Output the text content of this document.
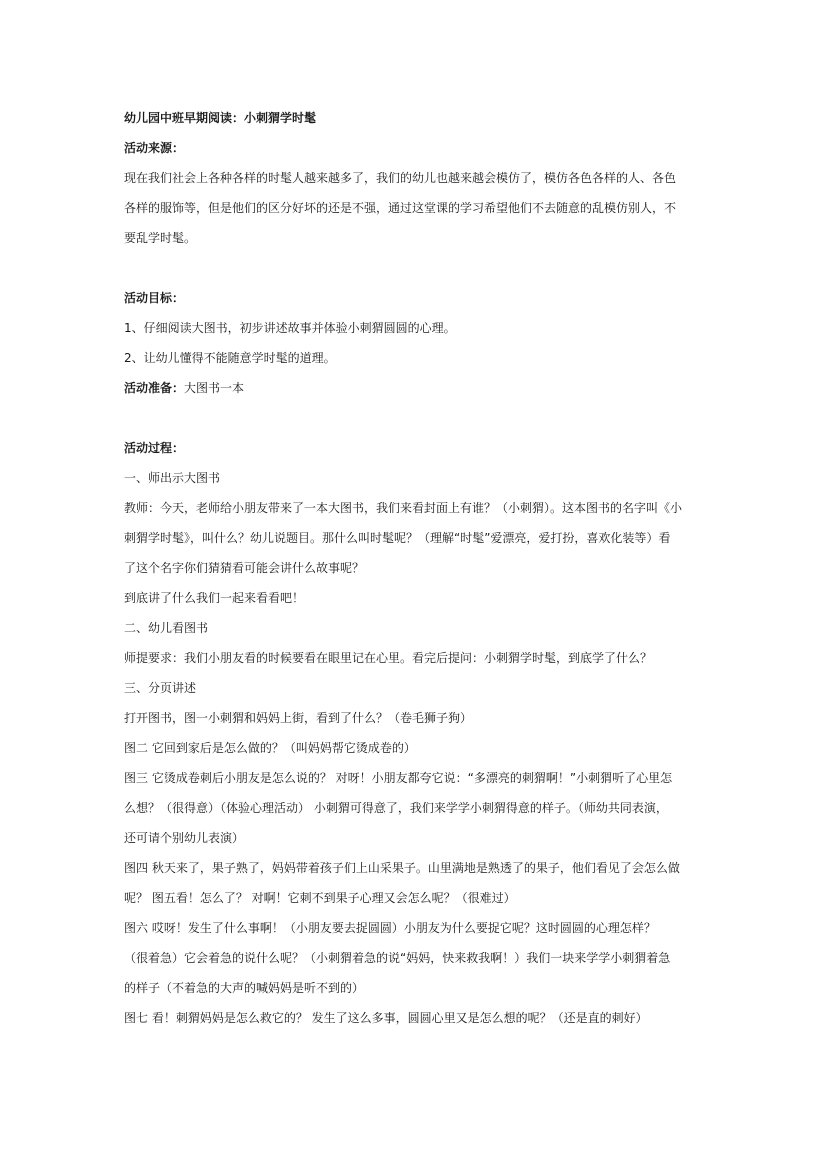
幼儿园中班早期阅读：小刺猬学时髦

活动来源：

现在我们社会上各种各样的时髦人越来越多了，我们的幼儿也越来越会模仿了，模仿各色各样的人、各色

各样的服饰等，但是他们的区分好坏的还是不强，通过这堂课的学习希望他们不去随意的乱模仿别人，不

要乱学时髦。

活动目标：

1、仔细阅读大图书，初步讲述故事并体验小刺猬圆圆的心理。

2、让幼儿懂得不能随意学时髦的道理。

活动准备：大图书一本

活动过程：

一、师出示大图书

教师：今天，老师给小朋友带来了一本大图书，我们来看封面上有谁？（小刺猬）。这本图书的名字叫《小

刺猬学时髦》，叫什么？幼儿说题目。那什么叫时髦呢？（理解“时髦”爱漂亮，爱打扮，喜欢化装等）看

了这个名字你们猜猜看可能会讲什么故事呢？

到底讲了什么我们一起来看看吧！

二、幼儿看图书

师提要求：我们小朋友看的时候要看在眼里记在心里。看完后提问：小刺猬学时髦，到底学了什么？

三、分页讲述

打开图书，图一小刺猬和妈妈上街，看到了什么？（卷毛狮子狗）

图二 它回到家后是怎么做的？（叫妈妈帮它烫成卷的）

图三 它烫成卷刺后小朋友是怎么说的？ 对呀！小朋友都夸它说：“多漂亮的刺猬啊！”小刺猬听了心里怎

么想？（很得意）（体验心理活动） 小刺猬可得意了，我们来学学小刺猬得意的样子。（师幼共同表演，

还可请个别幼儿表演）

图四 秋天来了，果子熟了，妈妈带着孩子们上山采果子。山里满地是熟透了的果子，他们看见了会怎么做

呢？ 图五看！怎么了？ 对啊！它刺不到果子心理又会怎么呢？（很难过）

图六 哎呀！发生了什么事啊！（小朋友要去捉圆圆）小朋友为什么要捉它呢？这时圆圆的心理怎样？

（很着急）它会着急的说什么呢？（小刺猬着急的说“妈妈，快来救我啊！）我们一块来学学小刺猬着急

的样子（不着急的大声的喊妈妈是听不到的）

图七 看！刺猬妈妈是怎么救它的？ 发生了这么多事，圆圆心里又是怎么想的呢？（还是直的刺好）
